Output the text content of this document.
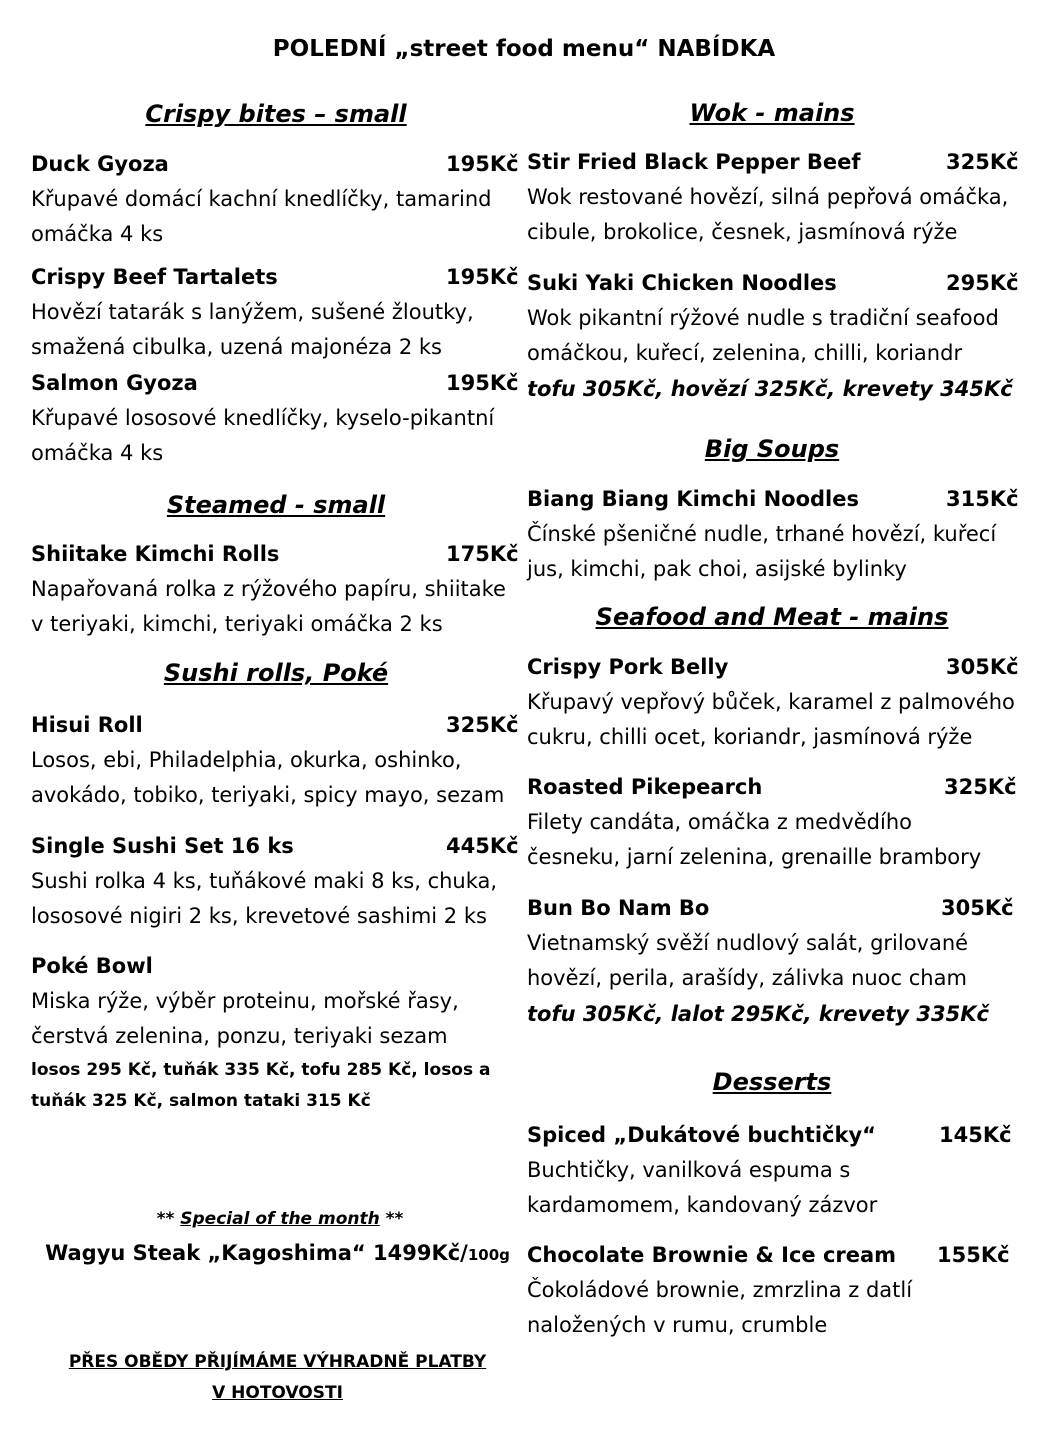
POLEDNÍ „street food menu“ NABÍDKA
Crispy bites – small
Duck Gyoza	195Kč
Křupavé domácí kachní knedlíčky, tamarind
omáčka 4 ks
Crispy Beef Tartalets	195Kč
Hovězí tatarák s lanýžem, sušené žloutky,
smažená cibulka, uzená majonéza 2 ks
Salmon Gyoza	195Kč
Křupavé lososové knedlíčky, kyselo-pikantní
omáčka 4 ks
Steamed - small
Shiitake Kimchi Rolls	175Kč
Napařovaná rolka z rýžového papíru, shiitake
v teriyaki, kimchi, teriyaki omáčka 2 ks
Sushi rolls, Poké
Hisui Roll	325Kč
Losos, ebi, Philadelphia, okurka, oshinko,
avokádo, tobiko, teriyaki, spicy mayo, sezam
Single Sushi Set 16 ks	445Kč
Sushi rolka 4 ks, tuňákové maki 8 ks, chuka,
lososové nigiri 2 ks, krevetové sashimi 2 ks
Poké Bowl
Miska rýže, výběr proteinu, mořské řasy,
čerstvá zelenina, ponzu, teriyaki sezam
losos 295 Kč, tuňák 335 Kč, tofu 285 Kč, losos a
tuňák 325 Kč, salmon tataki 315 Kč
** Special of the month **
Wagyu Steak „Kagoshima“ 1499Kč/100g
PŘES OBĚDY PŘIJÍMÁME VÝHRADNĚ PLATBY
V HOTOVOSTI
Wok - mains
Stir Fried Black Pepper Beef	325Kč
Wok restované hovězí, silná pepřová omáčka,
cibule, brokolice, česnek, jasmínová rýže
Suki Yaki Chicken Noodles	295Kč
Wok pikantní rýžové nudle s tradiční seafood
omáčkou, kuřecí, zelenina, chilli, koriandr
tofu 305Kč, hovězí 325Kč, krevety 345Kč
Big Soups
Biang Biang Kimchi Noodles	315Kč
Čínské pšeničné nudle, trhané hovězí, kuřecí
jus, kimchi, pak choi, asijské bylinky
Seafood and Meat - mains
Crispy Pork Belly	305Kč
Křupavý vepřový bůček, karamel z palmového
cukru, chilli ocet, koriandr, jasmínová rýže
Roasted Pikepearch	325Kč
Filety candáta, omáčka z medvědího
česneku, jarní zelenina, grenaille brambory
Bun Bo Nam Bo	305Kč
Vietnamský svěží nudlový salát, grilované
hovězí, perila, arašídy, zálivka nuoc cham
tofu 305Kč, lalot 295Kč, krevety 335Kč
Desserts
Spiced „Dukátové buchtičky“	145Kč
Buchtičky, vanilková espuma s
kardamomem, kandovaný zázvor
Chocolate Brownie & Ice cream 155Kč
Čokoládové brownie, zmrzlina z datlí
naložených v rumu, crumble
